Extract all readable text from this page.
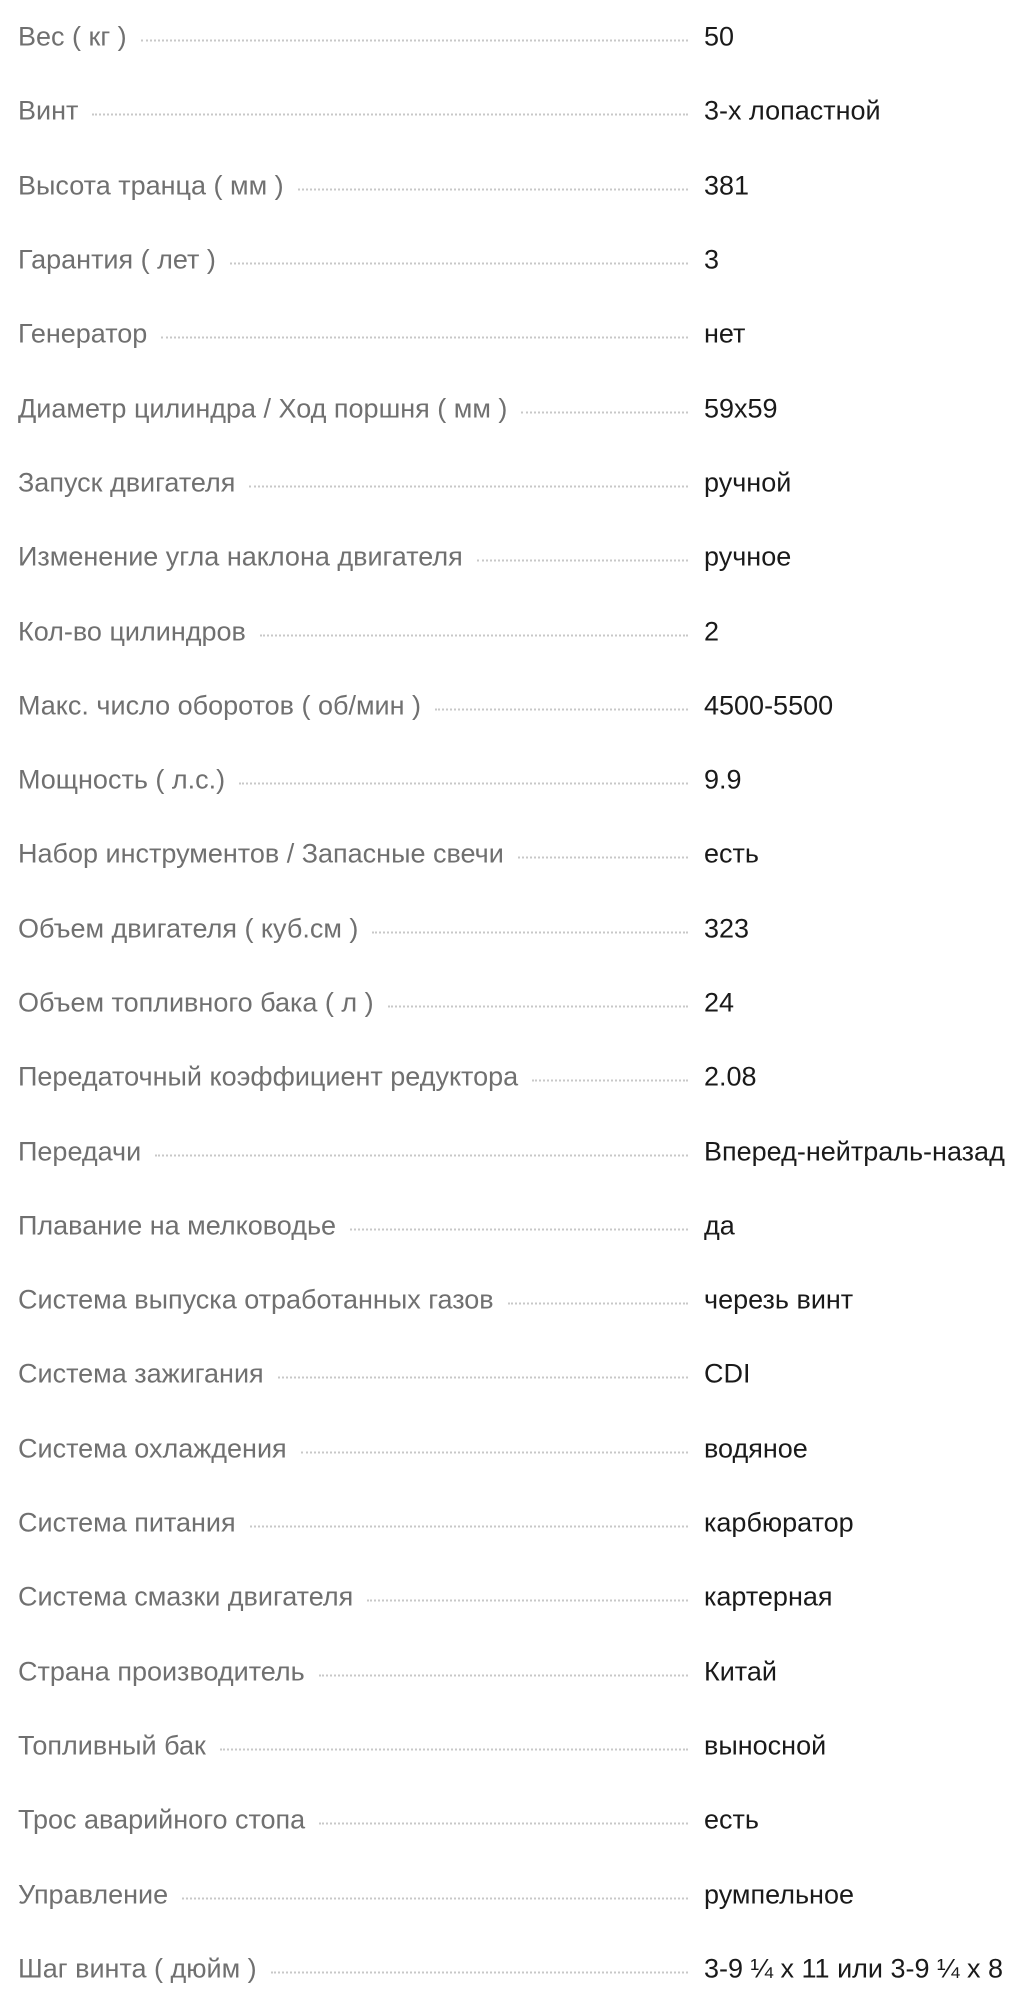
Вес ( кг )	50
Винт	3-х лопастной
Высота транца ( мм )	381
Гарантия ( лет )	3
Генератор	нет
Диаметр цилиндра / Ход поршня ( мм )	59x59
Запуск двигателя	ручной
Изменение угла наклона двигателя	ручное
Кол-во цилиндров	2
Макс. число оборотов ( об/мин )	4500-5500
Мощность ( л.с.)	9.9
Набор инструментов / Запасные свечи	есть
Объем двигателя ( куб.см )	323
Объем топливного бака ( л )	24
Передаточный коэффициент редуктора	2.08
Передачи	Вперед-нейтраль-назад
Плавание на мелководье	да
Система выпуска отработанных газов	черезь винт
Система зажигания	CDI
Система охлаждения	водяное
Система питания	карбюратор
Система смазки двигателя	картерная
Страна производитель	Китай
Топливный бак	выносной
Трос аварийного стопа	есть
Управление	румпельное
Шаг винта ( дюйм )	3-9 ¼ x 11 или 3-9 ¼ x 8
